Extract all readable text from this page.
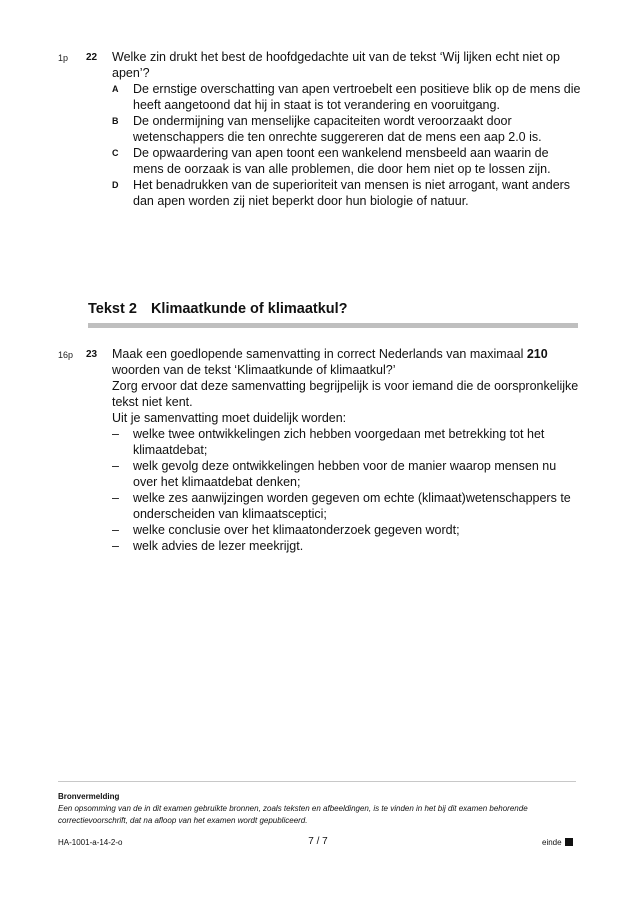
1p 22 Welke zin drukt het best de hoofdgedachte uit van de tekst ‘Wij lijken echt niet op apen’?
A De ernstige overschatting van apen vertroebelt een positieve blik op de mens die heeft aangetoond dat hij in staat is tot verandering en vooruitgang.
B De ondermijning van menselijke capaciteiten wordt veroorzaakt door wetenschappers die ten onrechte suggereren dat de mens een aap 2.0 is.
C De opwaardering van apen toont een wankelend mensbeeld aan waarin de mens de oorzaak is van alle problemen, die door hem niet op te lossen zijn.
D Het benadrukken van de superioriteit van mensen is niet arrogant, want anders dan apen worden zij niet beperkt door hun biologie of natuur.
Tekst 2 Klimaatkunde of klimaatkul?
16p 23 Maak een goedlopende samenvatting in correct Nederlands van maximaal 210 woorden van de tekst ‘Klimaatkunde of klimaatkul?’
Zorg ervoor dat deze samenvatting begrijpelijk is voor iemand die de oorspronkelijke tekst niet kent.
Uit je samenvatting moet duidelijk worden:
– welke twee ontwikkelingen zich hebben voorgedaan met betrekking tot het klimaatdebat;
– welk gevolg deze ontwikkelingen hebben voor de manier waarop mensen nu over het klimaatdebat denken;
– welke zes aanwijzingen worden gegeven om echte (klimaat)wetenschappers te onderscheiden van klimaatsceptici;
– welke conclusie over het klimaatonderzoek gegeven wordt;
– welk advies de lezer meekrijgt.
Bronvermelding
Een opsomming van de in dit examen gebruikte bronnen, zoals teksten en afbeeldingen, is te vinden in het bij dit examen behorende correctievoorschrift, dat na afloop van het examen wordt gepubliceerd.
HA-1001-a-14-2-o	7 / 7	einde
